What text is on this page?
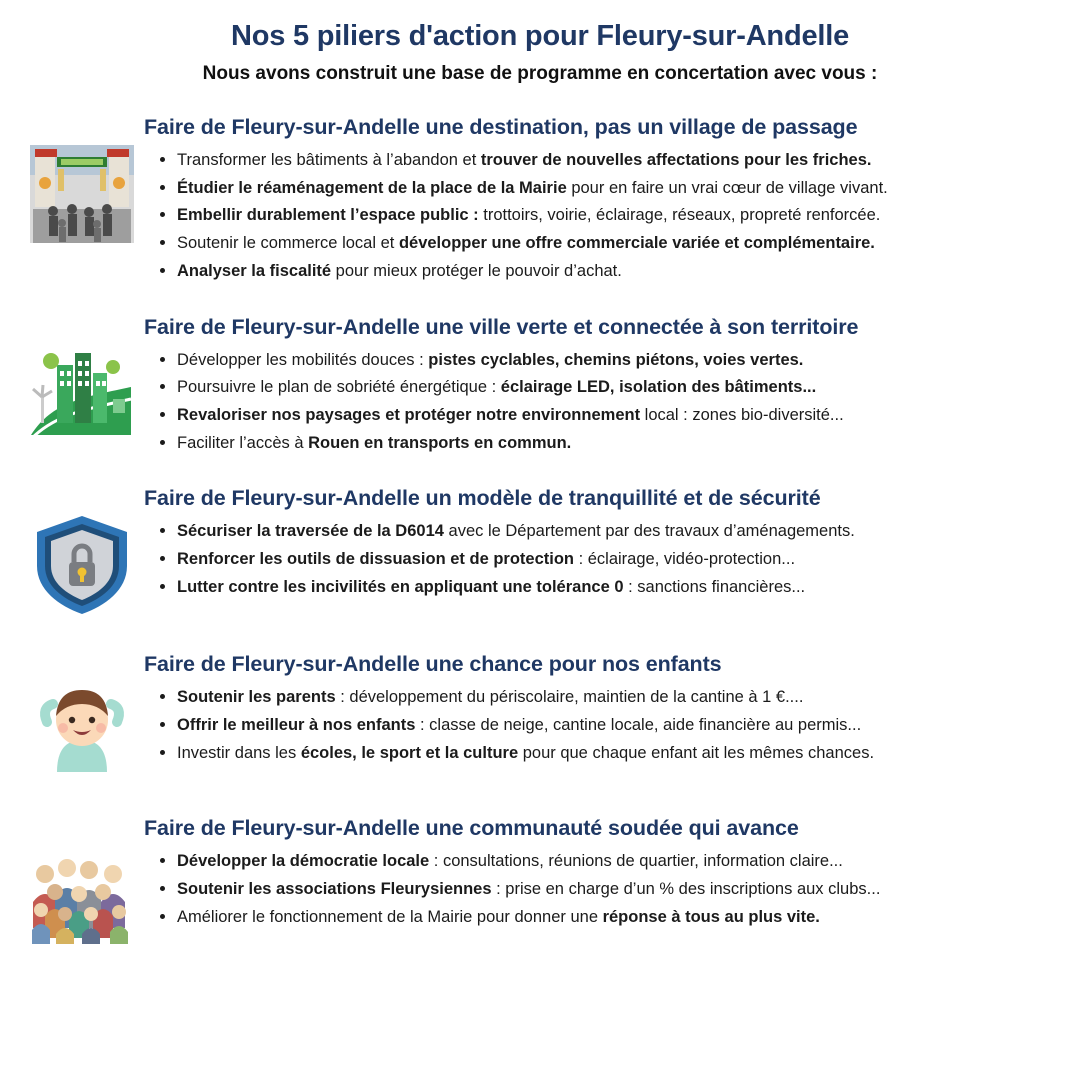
Nos 5 piliers d'action pour Fleury-sur-Andelle
Nous avons construit une base de programme en concertation avec vous :
Faire de Fleury-sur-Andelle une destination, pas un village de passage
• Transformer les bâtiments à l’abandon et trouver de nouvelles affectations pour les friches.
• Étudier le réaménagement de la place de la Mairie pour en faire un vrai cœur de village vivant.
• Embellir durablement l’espace public : trottoirs, voirie, éclairage, réseaux, propreté renforcée.
• Soutenir le commerce local et développer une offre commerciale variée et complémentaire.
• Analyser la fiscalité pour mieux protéger le pouvoir d’achat.
Faire de Fleury-sur-Andelle une ville verte et connectée à son territoire
• Développer les mobilités douces : pistes cyclables, chemins piétons, voies vertes.
• Poursuivre le plan de sobriété énergétique : éclairage LED, isolation des bâtiments...
• Revaloriser nos paysages et protéger notre environnement local : zones bio-diversité...
• Faciliter l’accès à Rouen en transports en commun.
Faire de Fleury-sur-Andelle un modèle de tranquillité et de sécurité
• Sécuriser la traversée de la D6014 avec le Département par des travaux d’aménagements.
• Renforcer les outils de dissuasion et de protection : éclairage, vidéo-protection...
• Lutter contre les incivilités en appliquant une tolérance 0 : sanctions financières...
Faire de Fleury-sur-Andelle une chance pour nos enfants
• Soutenir les parents : développement du périscolaire, maintien de la cantine à 1 €....
• Offrir le meilleur à nos enfants : classe de neige, cantine locale, aide financière au permis...
• Investir dans les écoles, le sport et la culture pour que chaque enfant ait les mêmes chances.
Faire de Fleury-sur-Andelle une communauté soudée qui avance
• Développer la démocratie locale : consultations, réunions de quartier, information claire...
• Soutenir les associations Fleurysiennes : prise en charge d’un % des inscriptions aux clubs...
• Améliorer le fonctionnement de la Mairie pour donner une réponse à tous au plus vite.
